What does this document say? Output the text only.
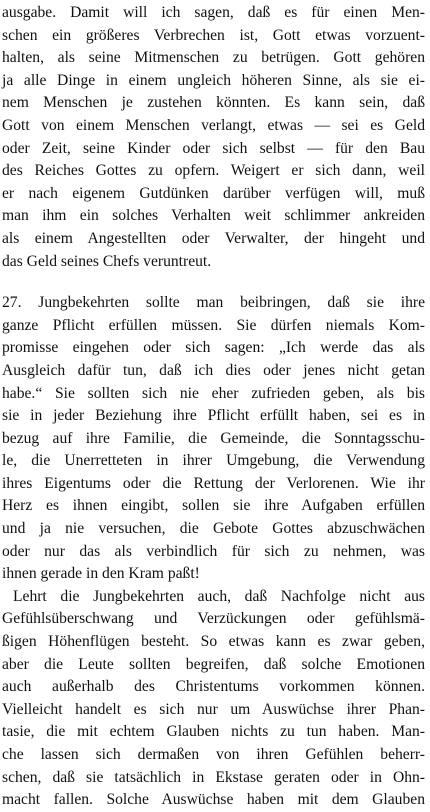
ausgabe. Damit will ich sagen, daß es für einen Men-
schen ein größeres Verbrechen ist, Gott etwas vorzuent-
halten, als seine Mitmenschen zu betrügen. Gott gehören
ja alle Dinge in einem ungleich höheren Sinne, als sie ei-
nem Menschen je zustehen könnten. Es kann sein, daß
Gott von einem Menschen verlangt, etwas — sei es Geld
oder Zeit, seine Kinder oder sich selbst — für den Bau
des Reiches Gottes zu opfern. Weigert er sich dann, weil
er nach eigenem Gutdünken darüber verfügen will, muß
man ihm ein solches Verhalten weit schlimmer ankreiden
als einem Angestellten oder Verwalter, der hingeht und
das Geld seines Chefs veruntreut.
27. Jungbekehrten sollte man beibringen, daß sie ihre
ganze Pflicht erfüllen müssen. Sie dürfen niemals Kom-
promisse eingehen oder sich sagen: „Ich werde das als
Ausgleich dafür tun, daß ich dies oder jenes nicht getan
habe.“ Sie sollten sich nie eher zufrieden geben, als bis
sie in jeder Beziehung ihre Pflicht erfüllt haben, sei es in
bezug auf ihre Familie, die Gemeinde, die Sonntagsschu-
le, die Unerretteten in ihrer Umgebung, die Verwendung
ihres Eigentums oder die Rettung der Verlorenen. Wie ihr
Herz es ihnen eingibt, sollen sie ihre Aufgaben erfüllen
und ja nie versuchen, die Gebote Gottes abzuschwächen
oder nur das als verbindlich für sich zu nehmen, was
ihnen gerade in den Kram paßt!
Lehrt die Jungbekehrten auch, daß Nachfolge nicht aus
Gefühlsüberschwang und Verzückungen oder gefühlsmä-
ßigen Höhenflügen besteht. So etwas kann es zwar geben,
aber die Leute sollten begreifen, daß solche Emotionen
auch außerhalb des Christentums vorkommen können.
Vielleicht handelt es sich nur um Auswüchse ihrer Phan-
tasie, die mit echtem Glauben nichts zu tun haben. Man-
che lassen sich dermaßen von ihren Gefühlen beherr-
schen, daß sie tatsächlich in Ekstase geraten oder in Ohn-
macht fallen. Solche Auswüchse haben mit dem Glauben
